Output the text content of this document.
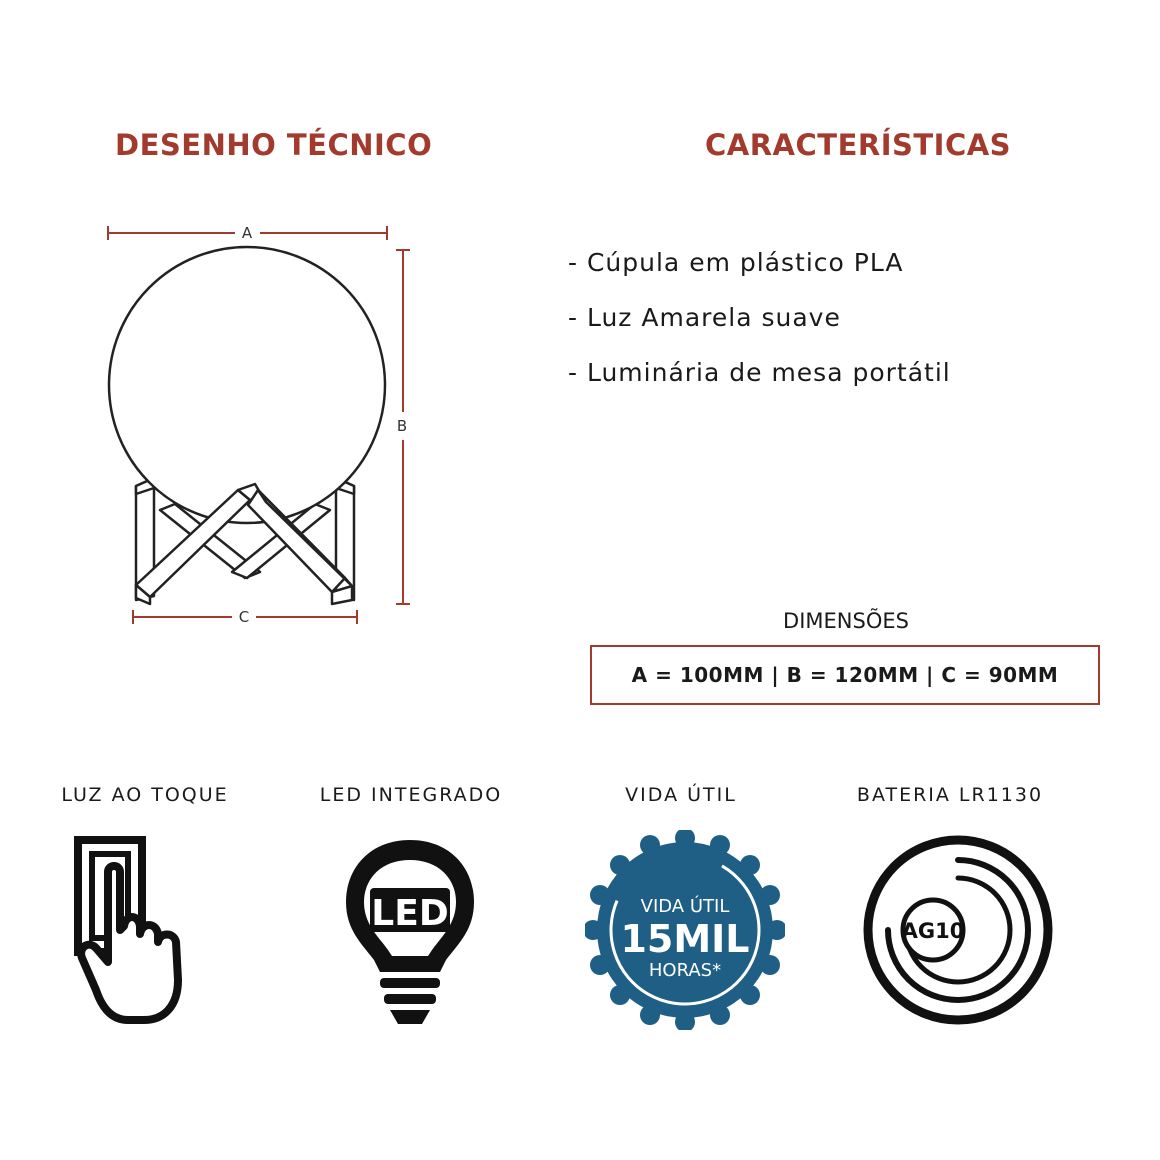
DESENHO TÉCNICO	CARACTERÍSTICAS
A
B
C
- Cúpula em plástico PLA
- Luz Amarela suave
- Luminária de mesa portátil
DIMENSÕES
A = 100MM | B = 120MM | C = 90MM
LUZ AO TOQUE	LED INTEGRADO	VIDA ÚTIL	BATERIA LR1130
LED	VIDA ÚTIL
15MIL
HORAS*
AG10
